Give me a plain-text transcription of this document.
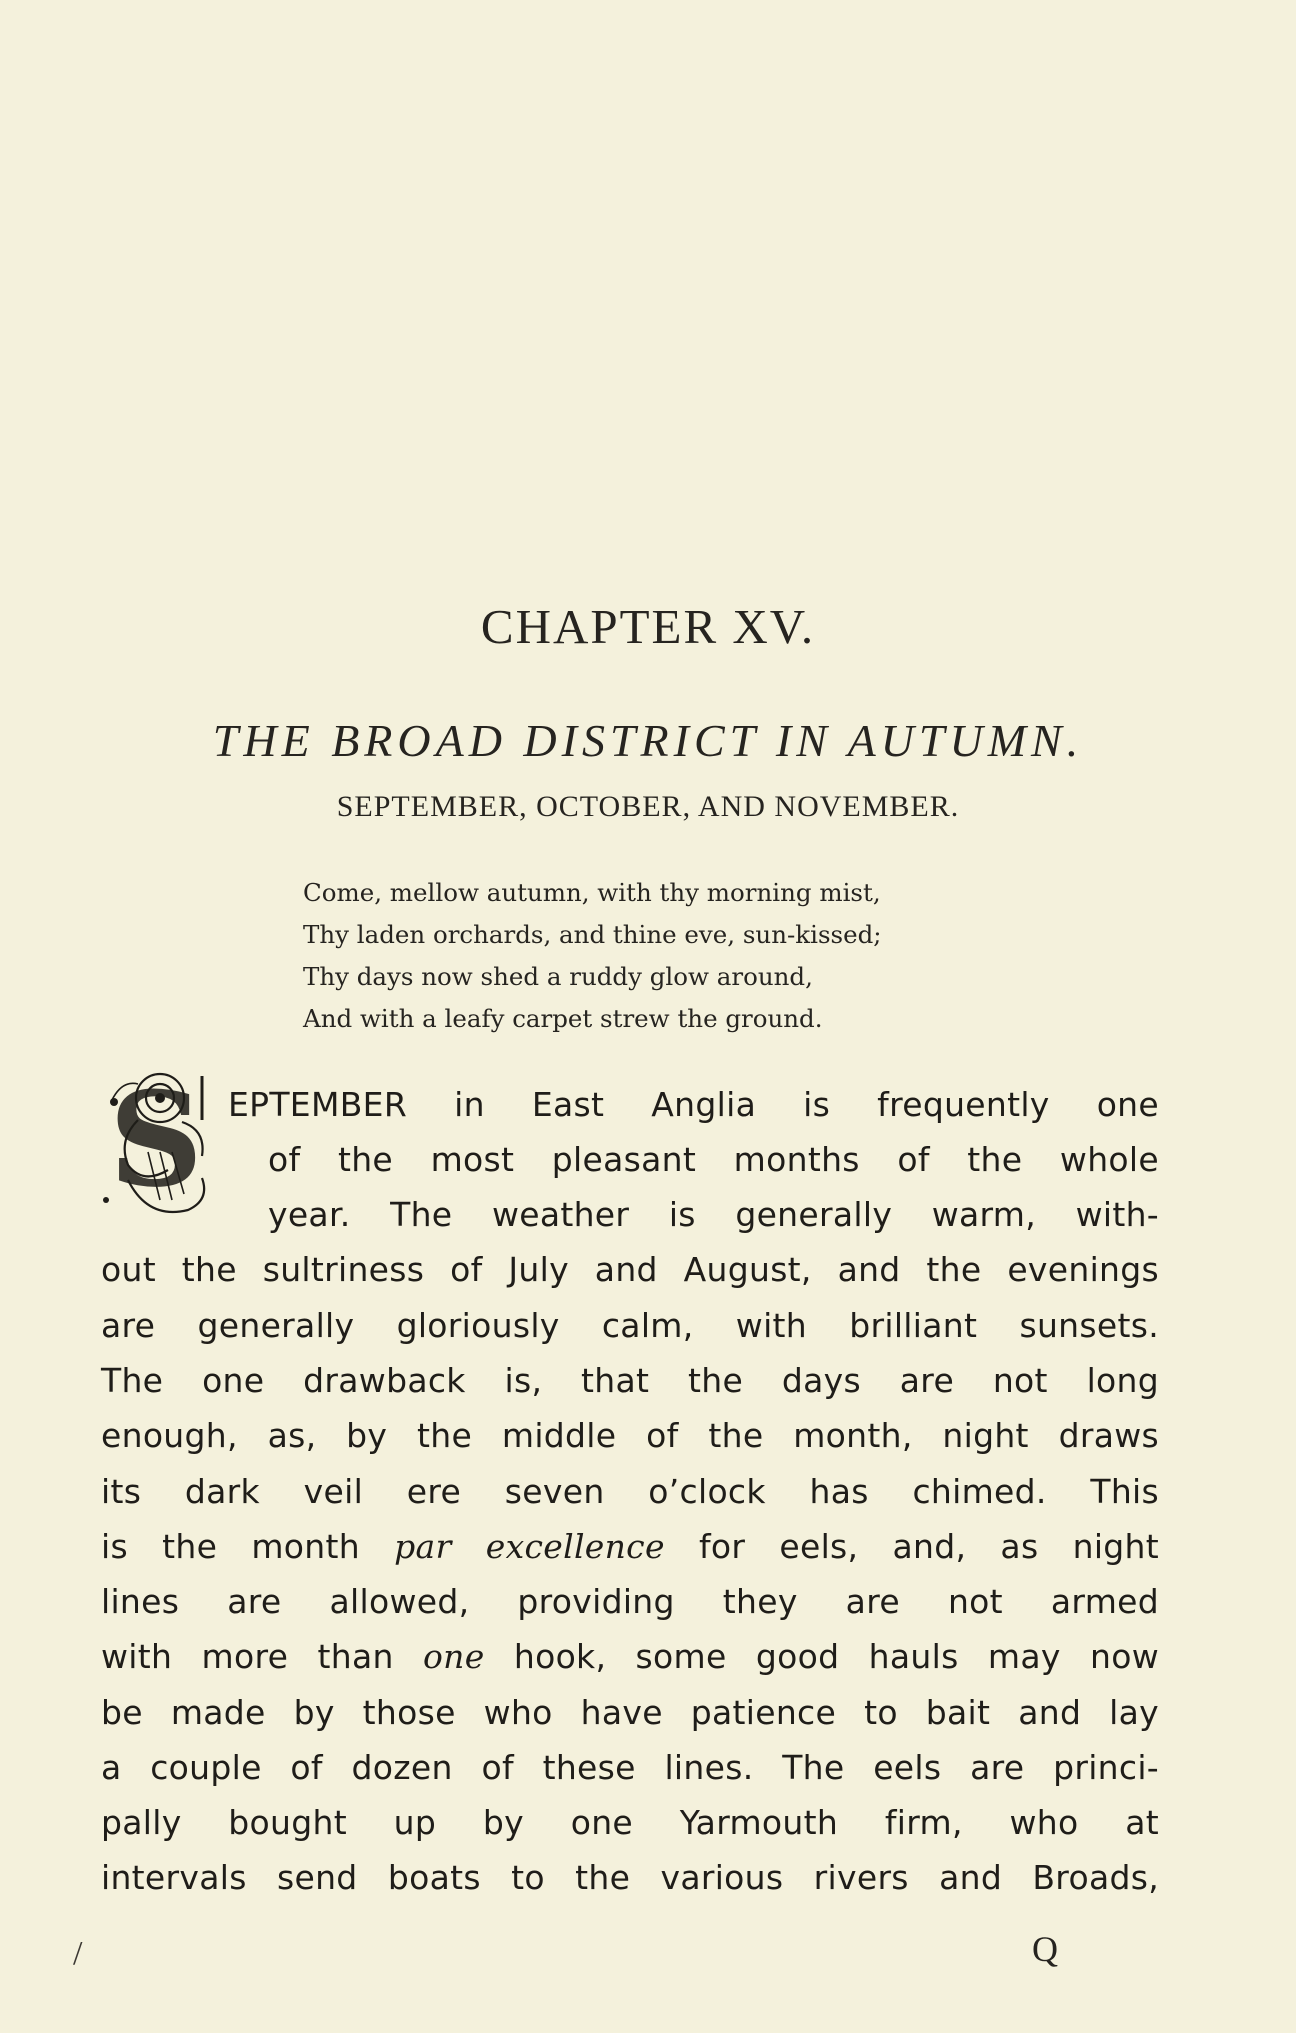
CHAPTER XV.
THE BROAD DISTRICT IN AUTUMN.
SEPTEMBER, OCTOBER, AND NOVEMBER.
Come, mellow autumn, with thy morning mist,
Thy laden orchards, and thine eve, sun-kissed;
Thy days now shed a ruddy glow around,
And with a leafy carpet strew the ground.
S EPTEMBER in East Anglia is frequently one
of the most pleasant months of the whole
year. The weather is generally warm, with-
out the sultriness of July and August, and the evenings
are generally gloriously calm, with brilliant sunsets.
The one drawback is, that the days are not long
enough, as, by the middle of the month, night draws
its dark veil ere seven o’clock has chimed. This
is the month par excellence for eels, and, as night
lines are allowed, providing they are not armed
with more than one hook, some good hauls may now
be made by those who have patience to bait and lay
a couple of dozen of these lines. The eels are princi-
pally bought up by one Yarmouth firm, who at
intervals send boats to the various rivers and Broads,
/	Q
